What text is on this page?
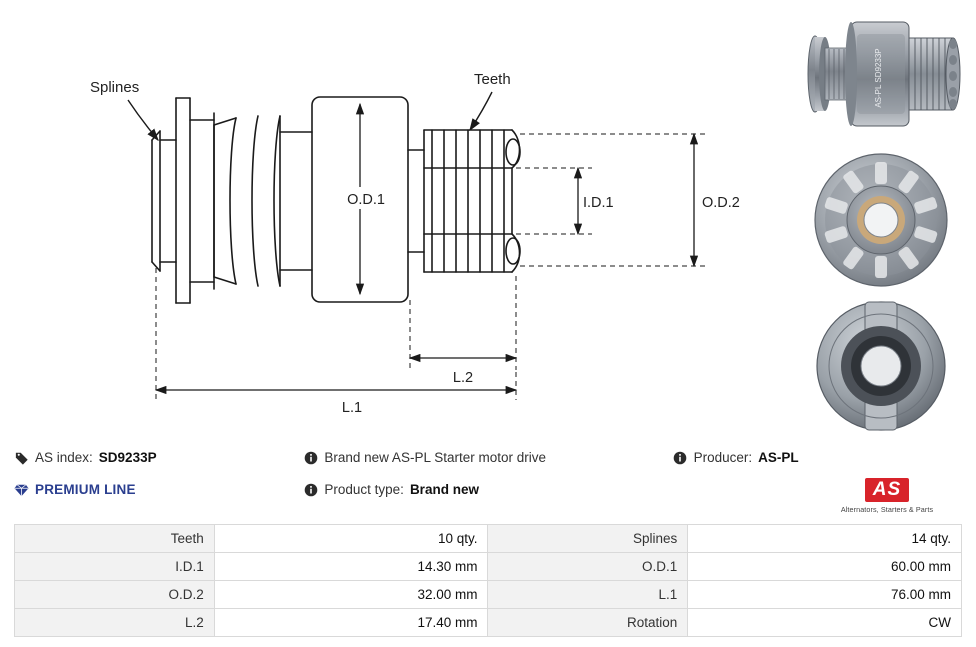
Splines	Teeth
O.D.1	I.D.1	O.D.2
L.2
L.1
AS-PL SD9233P
AS index: SD9233P	Brand new AS-PL Starter motor drive	Producer: AS-PL
PREMIUM LINE	Product type: Brand new	AS
Alternators, Starters & Parts
Teeth	10 qty.	Splines	14 qty.
I.D.1	14.30 mm	O.D.1	60.00 mm
O.D.2	32.00 mm	L.1	76.00 mm
L.2	17.40 mm	Rotation	CW
